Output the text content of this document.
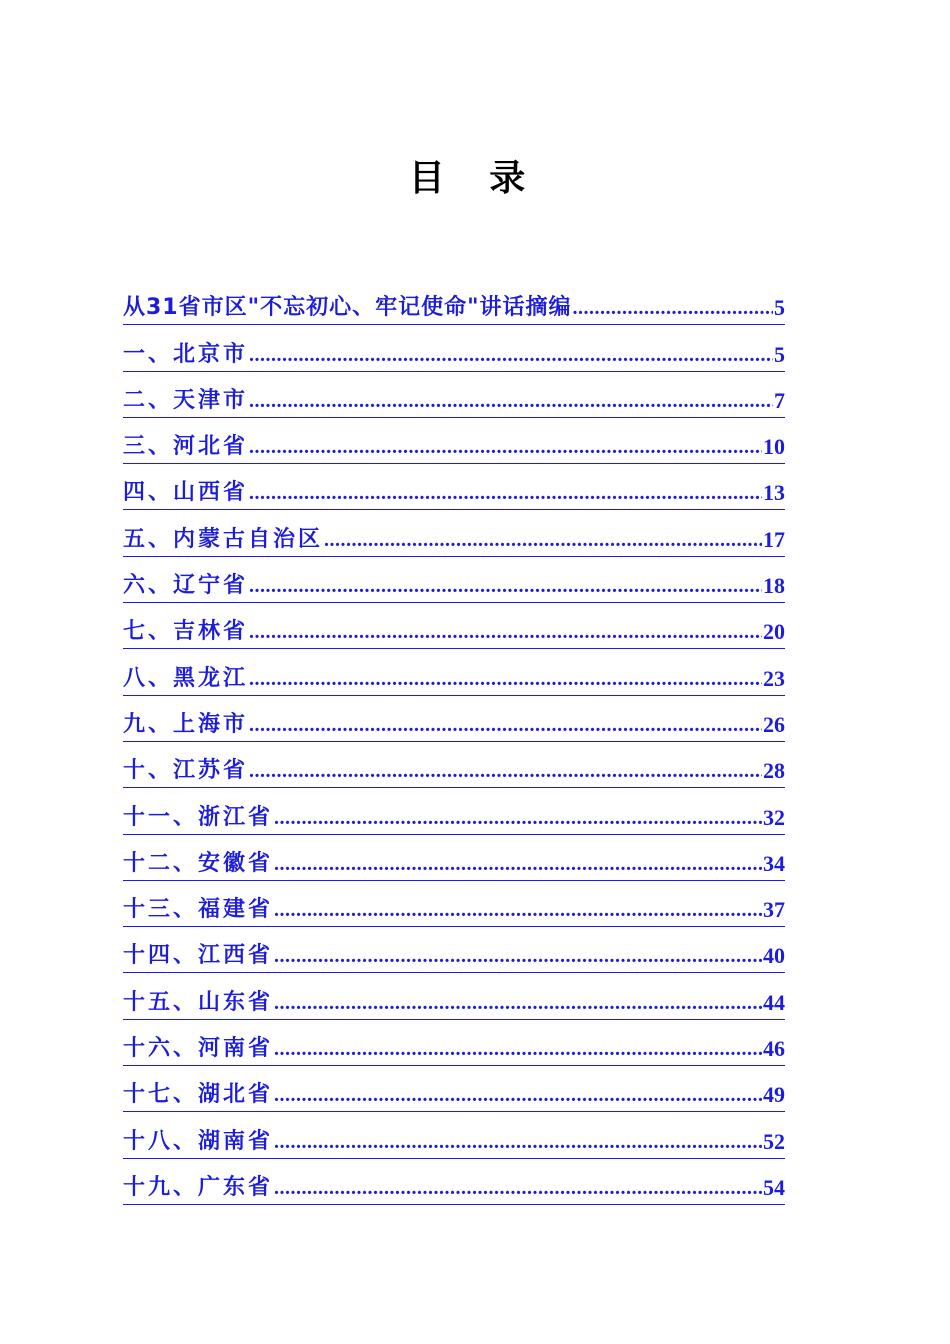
目 录
从31省市区"不忘初心、牢记使命"讲话摘编 .....	5
一、北京市 .....	5
二、天津市 .....	7
三、河北省 .....	10
四、山西省 .....	13
五、内蒙古自治区 .....	17
六、辽宁省 .....	18
七、吉林省 .....	20
八、黑龙江 .....	23
九、上海市 .....	26
十、江苏省 .....	28
十一、浙江省 .....	32
十二、安徽省 .....	34
十三、福建省 .....	37
十四、江西省 .....	40
十五、山东省 .....	44
十六、河南省 .....	46
十七、湖北省 .....	49
十八、湖南省 .....	52
十九、广东省 .....	54
